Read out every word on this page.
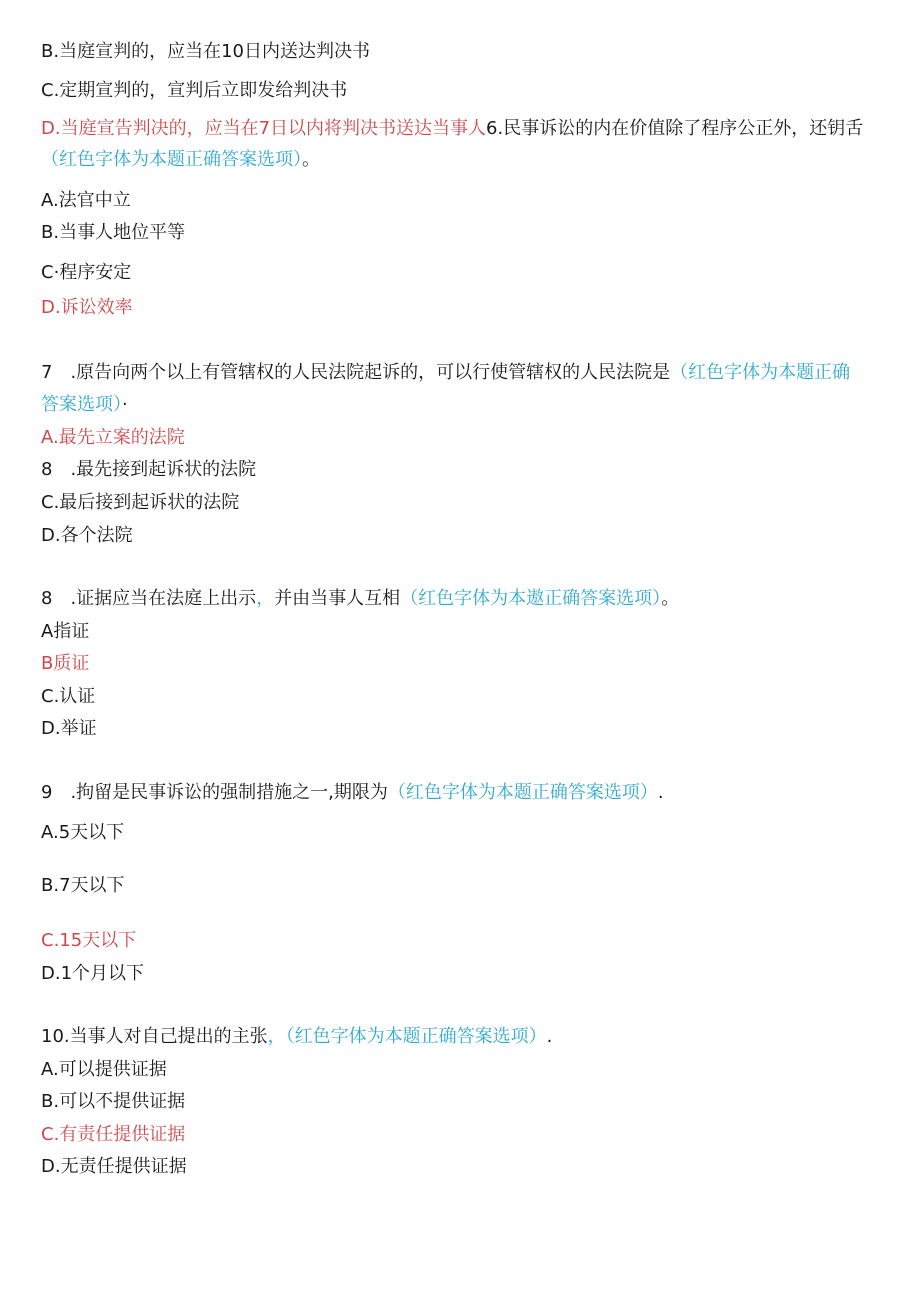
B.当庭宣判的，应当在10日内送达判决书
C.定期宣判的，宣判后立即发给判决书
D.当庭宣告判决的，应当在7日以内将判决书送达当事人6.民事诉讼的内在价值除了程序公正外，还钥舌
（红色字体为本题正确答案选项）。
A.法官中立
B.当事人地位平等
C·程序安定
D.诉讼效率
7　.原告向两个以上有管辖权的人民法院起诉的，可以行使管辖权的人民法院是（红色字体为本题正确
答案选项）·
A.最先立案的法院
8　.最先接到起诉状的法院
C.最后接到起诉状的法院
D.各个法院
8　.证据应当在法庭上出示，并由当事人互相（红色字体为本遨正确答案选项）。
A指证
B质证
C.认证
D.举证
9　.拘留是民事诉讼的强制措施之一,期限为（红色字体为本题正确答案选项）.
A.5天以下
B.7天以下
C.15天以下
D.1个月以下
10.当事人对自己提出的主张，（红色字体为本题正确答案选项）.
A.可以提供证据
B.可以不提供证据
C.有责任提供证据
D.无责任提供证据
